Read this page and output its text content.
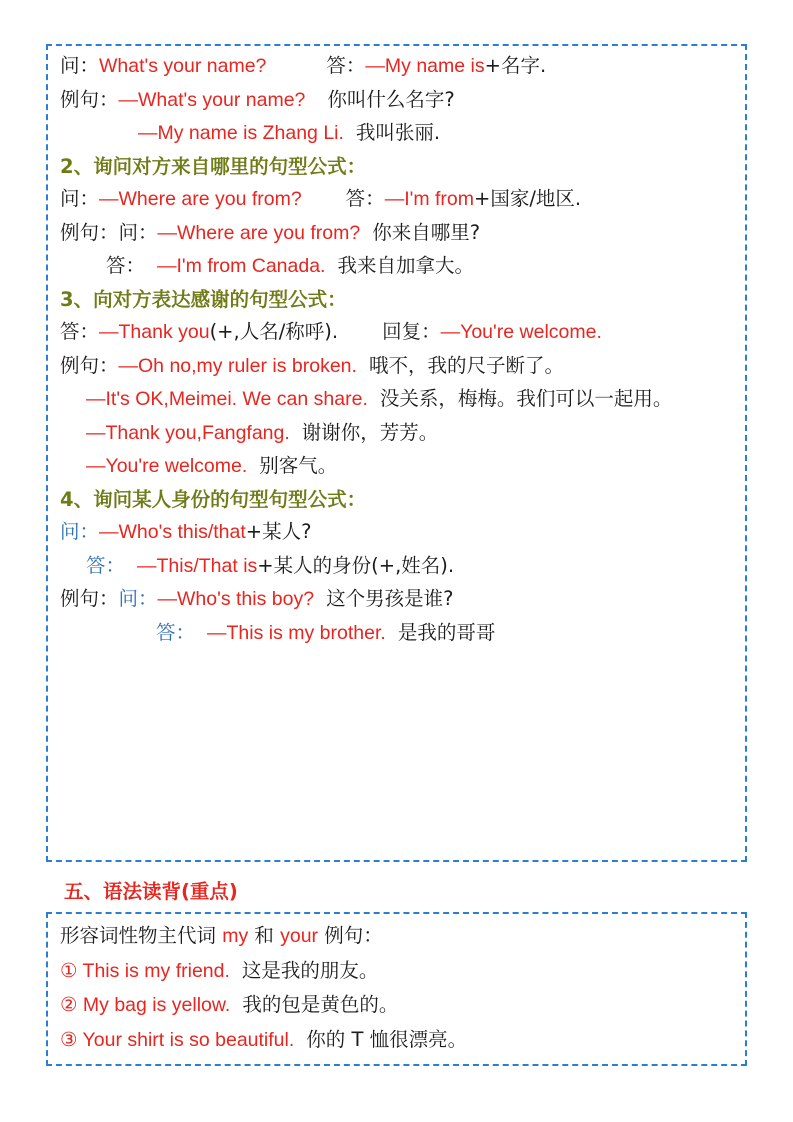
问：What's your name?	答：—My name is+名字.
例句：—What's your name? 你叫什么名字?
—My name is Zhang Li. 我叫张丽.
2、询问对方来自哪里的句型公式：
问：—Where are you from? 答：—I'm from+国家/地区.
例句：问：—Where are you from? 你来自哪里?
答： —I'm from Canada. 我来自加拿大。
3、向对方表达感谢的句型公式：
答：—Thank you(+,人名/称呼). 回复：—You're welcome.
例句：—Oh no,my ruler is broken. 哦不，我的尺子断了。
—It's OK,Meimei. We can share. 没关系，梅梅。我们可以一起用。
—Thank you,Fangfang. 谢谢你，芳芳。
—You're welcome. 别客气。
4、询问某人身份的句型句型公式：
问：—Who's this/that+某人?
答： —This/That is+某人的身份(+,姓名).
例句：问：—Who's this boy? 这个男孩是谁?
答： —This is my brother. 是我的哥哥
五、语法读背(重点)
形容词性物主代词 my 和 your 例句：
① This is my friend. 这是我的朋友。
② My bag is yellow. 我的包是黄色的。
③ Your shirt is so beautiful. 你的 T 恤很漂亮。
